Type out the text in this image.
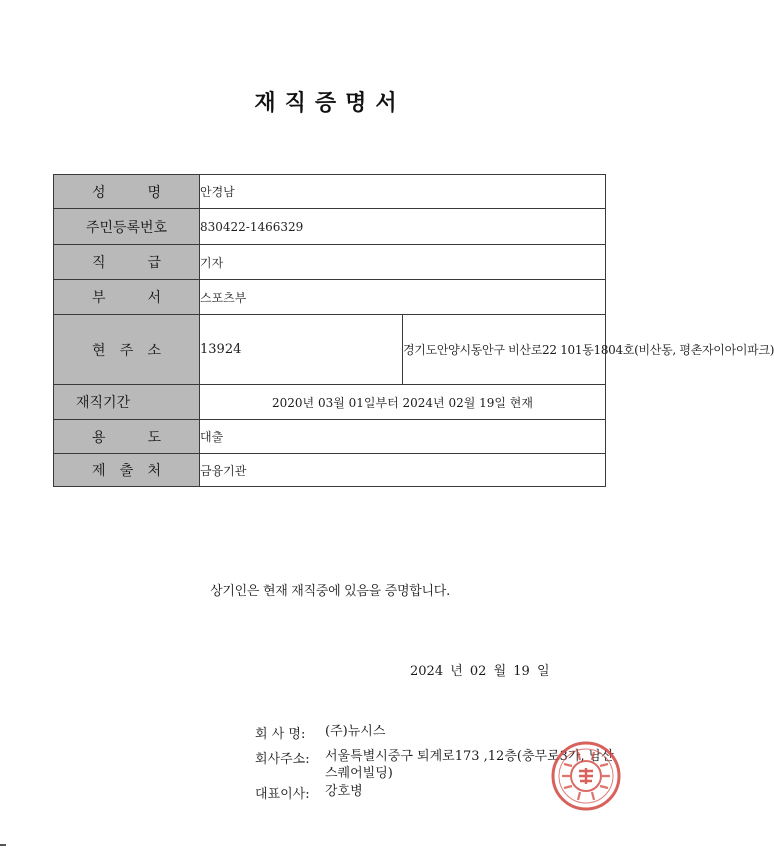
재직증명서
성 명	안경남	

주민등록번호	830422-1466329	

직 급	기자	

부 서	스포츠부	

현 주 소	13924	경기도안양시동안구 비산로22 101동1804호(비산동, 평촌자이아이파크)

재직기간	2020년 03월 01일부터 2024년 02월 19일 현재	

용 도	대출	

제 출 처	금융기관	
상기인은 현재 재직중에 있음을 증명합니다.
2024 년 02 월 19 일
회 사 명: (주)뉴시스
회사주소: 서울특별시중구 퇴계로173 ,12층(충무로3가, 남산스퀘어빌딩)
대표이사: 강호병
